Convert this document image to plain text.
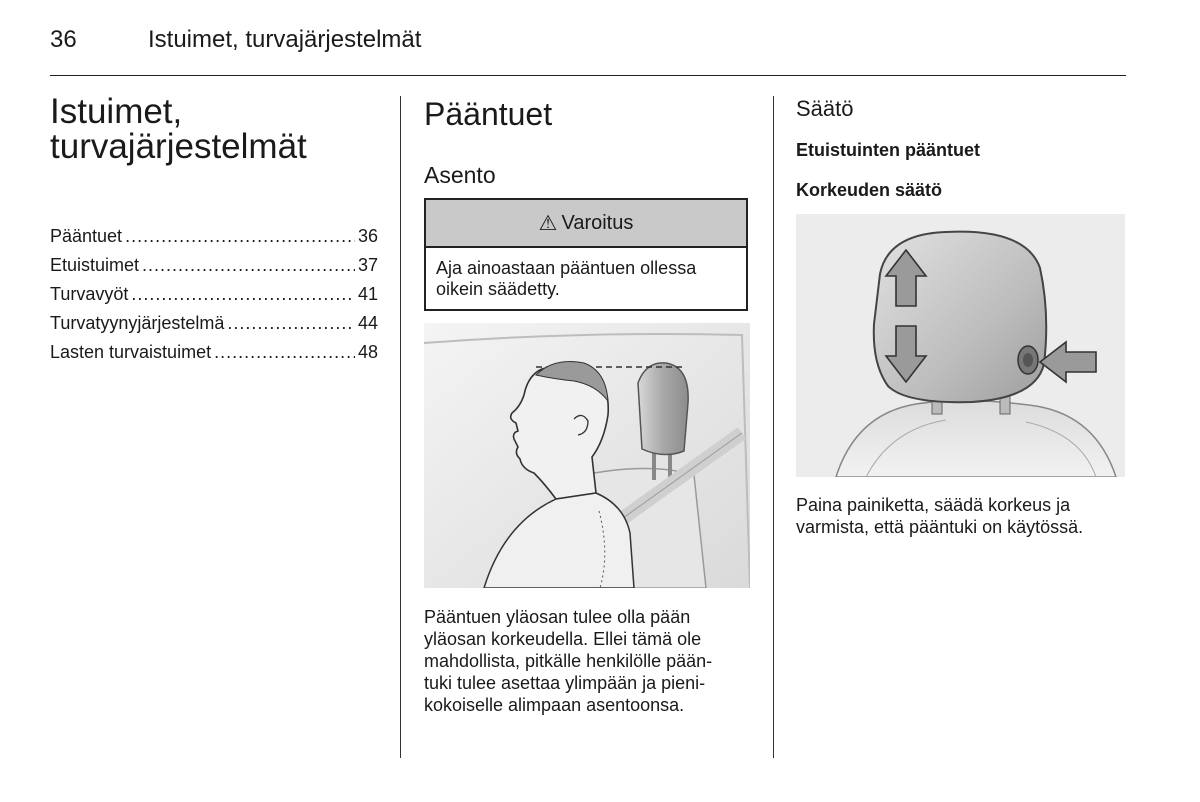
36	Istuimet, turvajärjestelmät
Istuimet,
turvajärjestelmät
Pääntuet .....	36
Etuistuimet .....	37
Turvavyöt .....	41
Turvatyynyjärjestelmä .....	44
Lasten turvaistuimet .....	48
Pääntuet
Asento
⚠ Varoitus
Aja ainoastaan pääntuen ollessa oikein säädetty.
Pääntuen yläosan tulee olla pään
yläosan korkeudella. Ellei tämä ole
mahdollista, pitkälle henkilölle pään-
tuki tulee asettaa ylimpään ja pieni-
kokoiselle alimpaan asentoonsa.
Säätö
Etuistuinten pääntuet
Korkeuden säätö
Paina painiketta, säädä korkeus ja
varmista, että pääntuki on käytössä.
